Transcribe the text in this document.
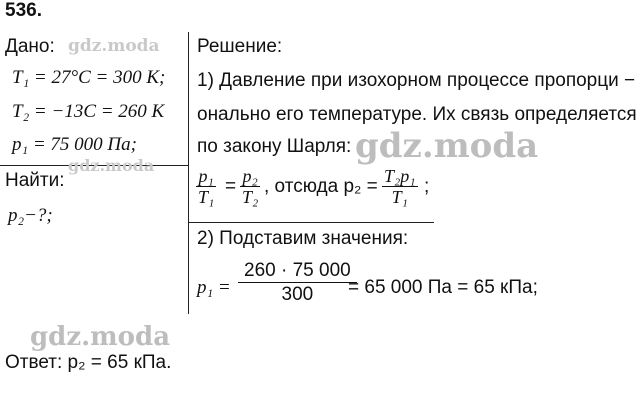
536.
Дано:
T₁ = 27°C = 300 К;
T₂ = −13C = 260 К
p₁ = 75 000 Па;
Найти:
p₂−?;
Решение:
1) Давление при изохорном процессе пропорци −
онально его температуре. Их связь определяется
по закону Шарля:
p₁
T₁ = p₂
T₂ , отсюда p₂ = T₂p₁
T₁ ;
2) Подставим значения:
p₁ =
260 · 75 000
300 = 65 000 Па = 65 кПа;
Ответ: p₂ = 65 кПа.
gdz.moda
gdz.moda	gdz.moda
gdz.moda
